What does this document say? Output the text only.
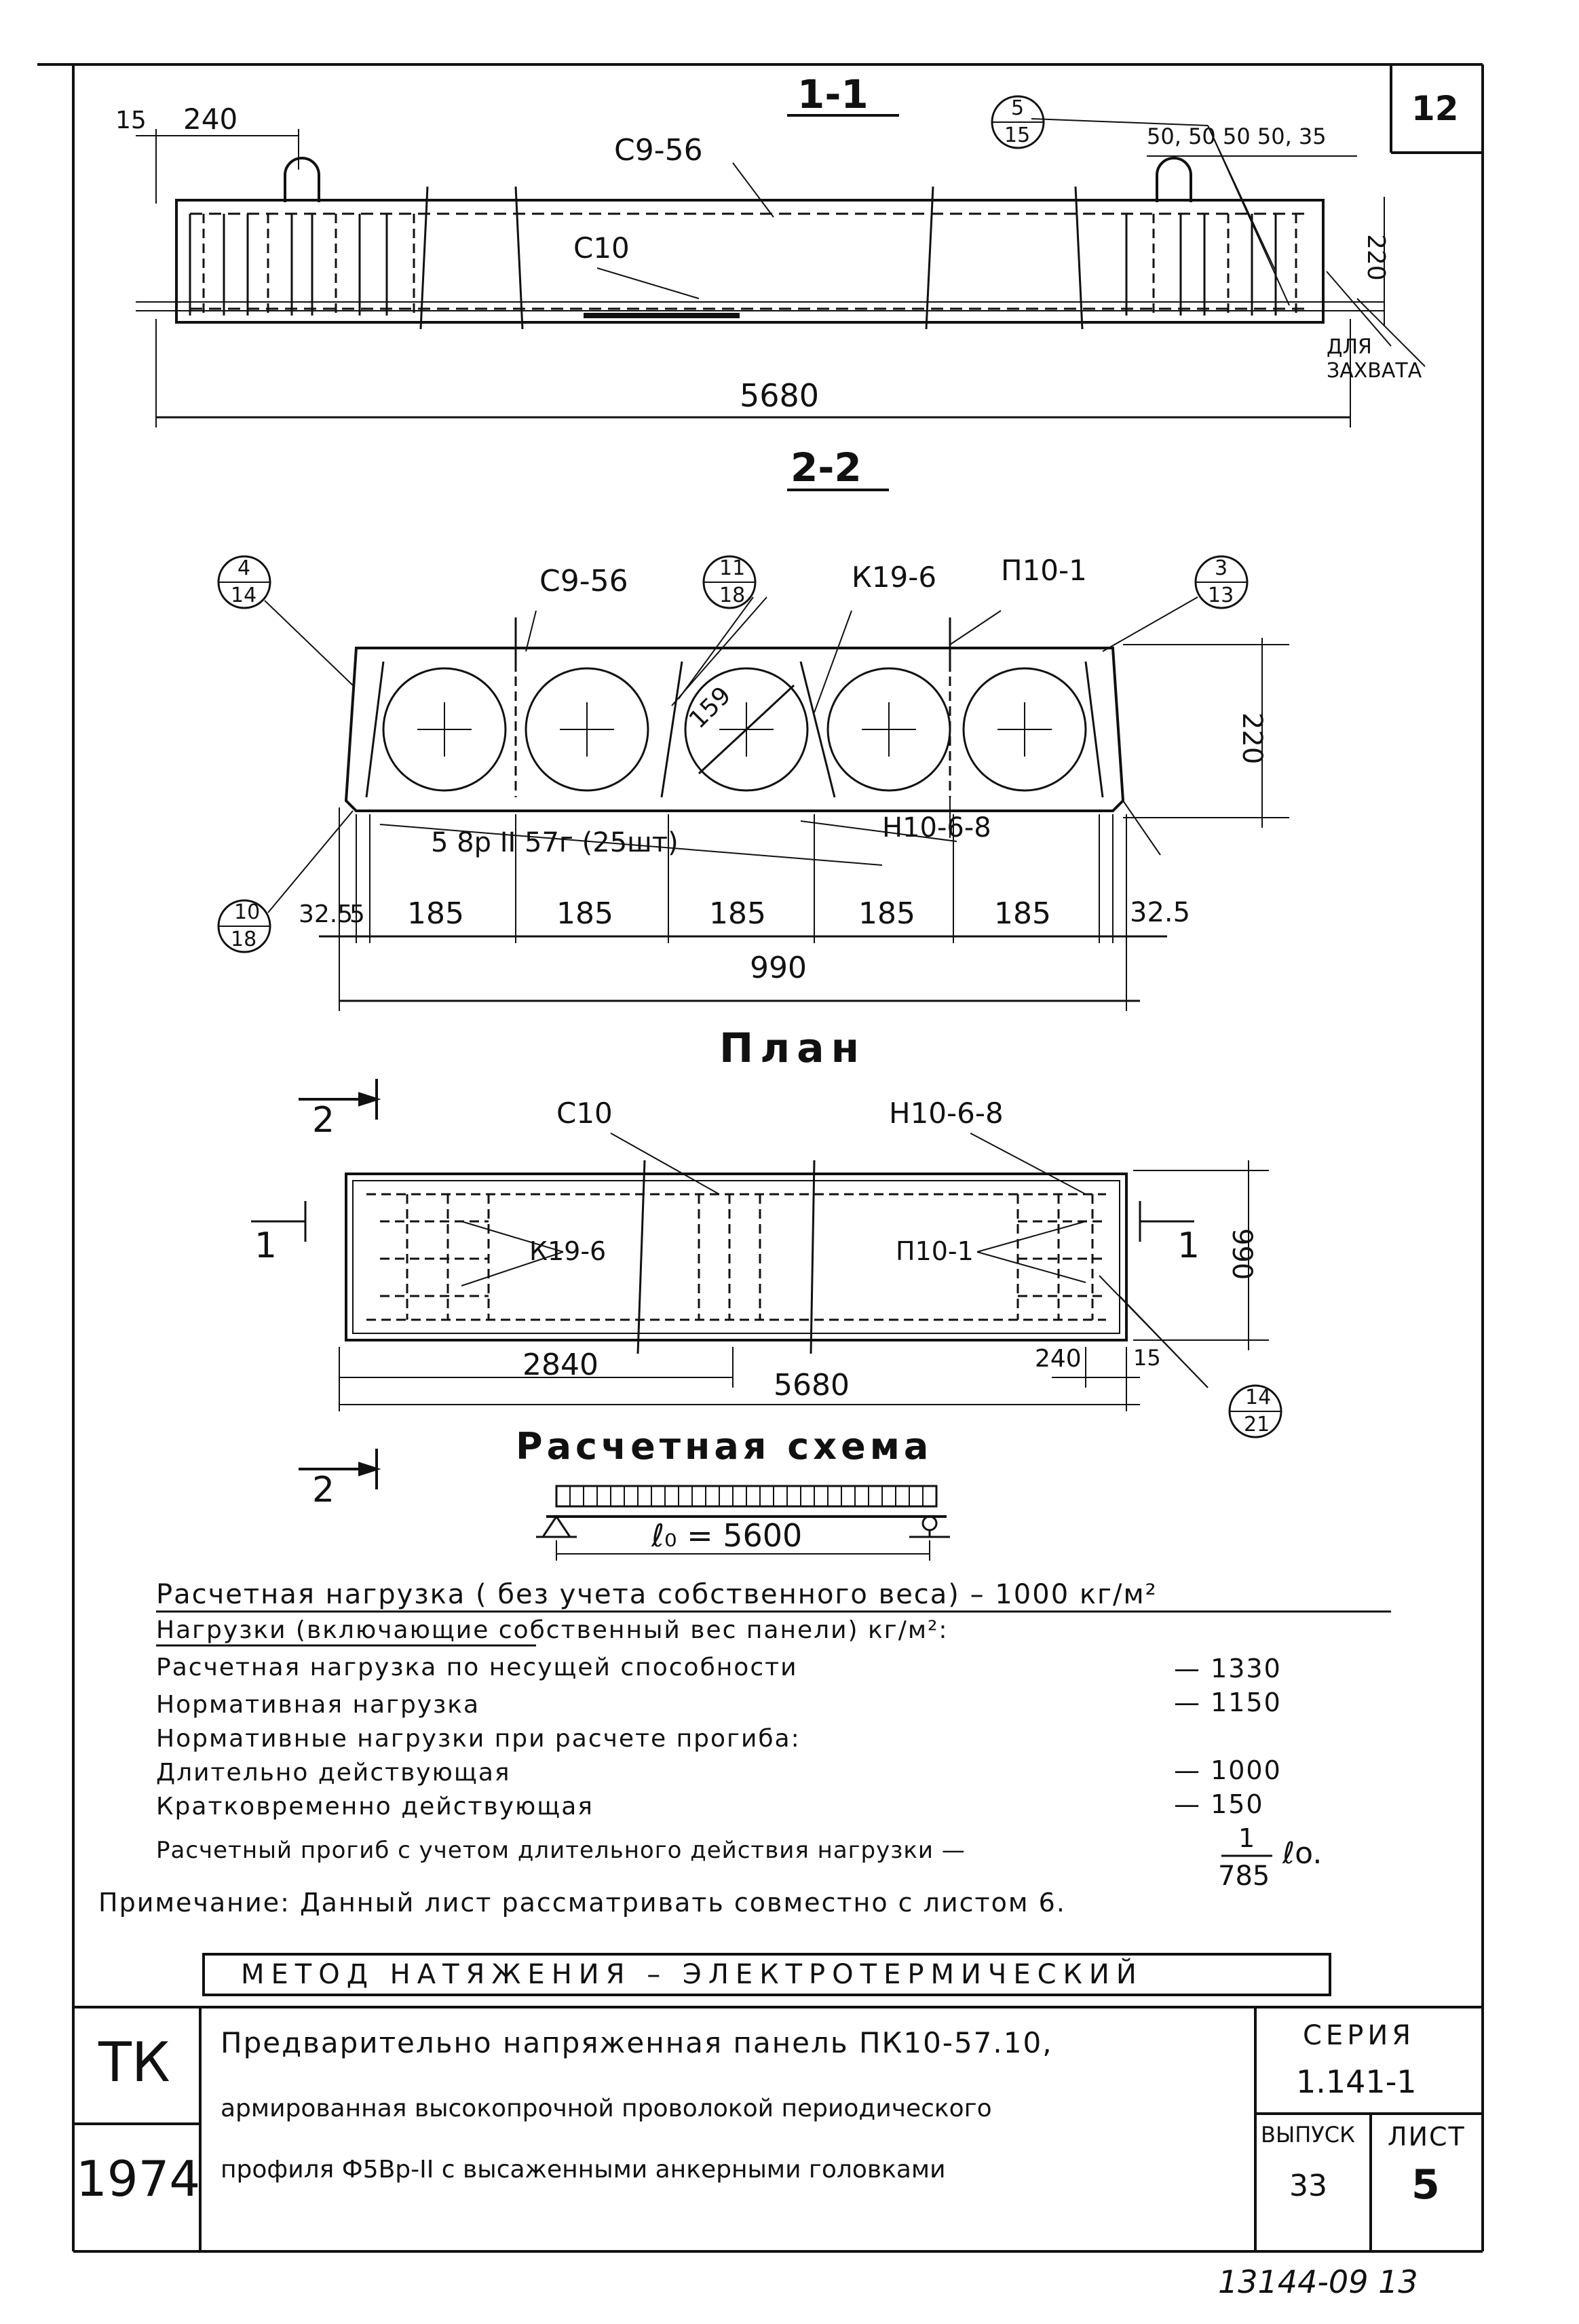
12
1-1	5
15
15 240
С9-56
С10
50, 50 50 50, 35
220
ДЛЯ
ЗАХВАТА
5680
2-2
4
14	С9-56	11
18
К19-6 П10-1	3
13
220
159
5 8р II 57г (25шт)	Н10-6-8
10
18
32.5
5 185	185	185	185	185	32.5
990
План
2	С10	Н10-6-8
1	1
К19-6	П10-1	990
2840
5680
240 15
14
21
2
Расчетная схема
ℓ₀ = 5600
Расчетная нагрузка ( без учета собственного веса) – 1000 кг/м²
Нагрузки (включающие собственный вес панели) кг/м²:
Расчетная нагрузка по несущей способности	— 1330
Нормативная нагрузка	— 1150
Нормативные нагрузки при расчете прогиба:
Длительно действующая	— 1000
Кратковременно действующая	— 150
Расчетный прогиб с учетом длительного действия нагрузки —	1
785
ℓo.
Примечание: Данный лист рассматривать совместно с листом 6.
МЕТОД НАТЯЖЕНИЯ – ЭЛЕКТРОТЕРМИЧЕСКИЙ
ТК
1974
Предварительно напряженная панель ПК10-57.10,
армированная высокопрочной проволокой периодического
профиля Ф5Вр-II с высаженными анкерными головками
СЕРИЯ
1.141-1
ВЫПУСК
33
ЛИСТ
5
13144-09 13
